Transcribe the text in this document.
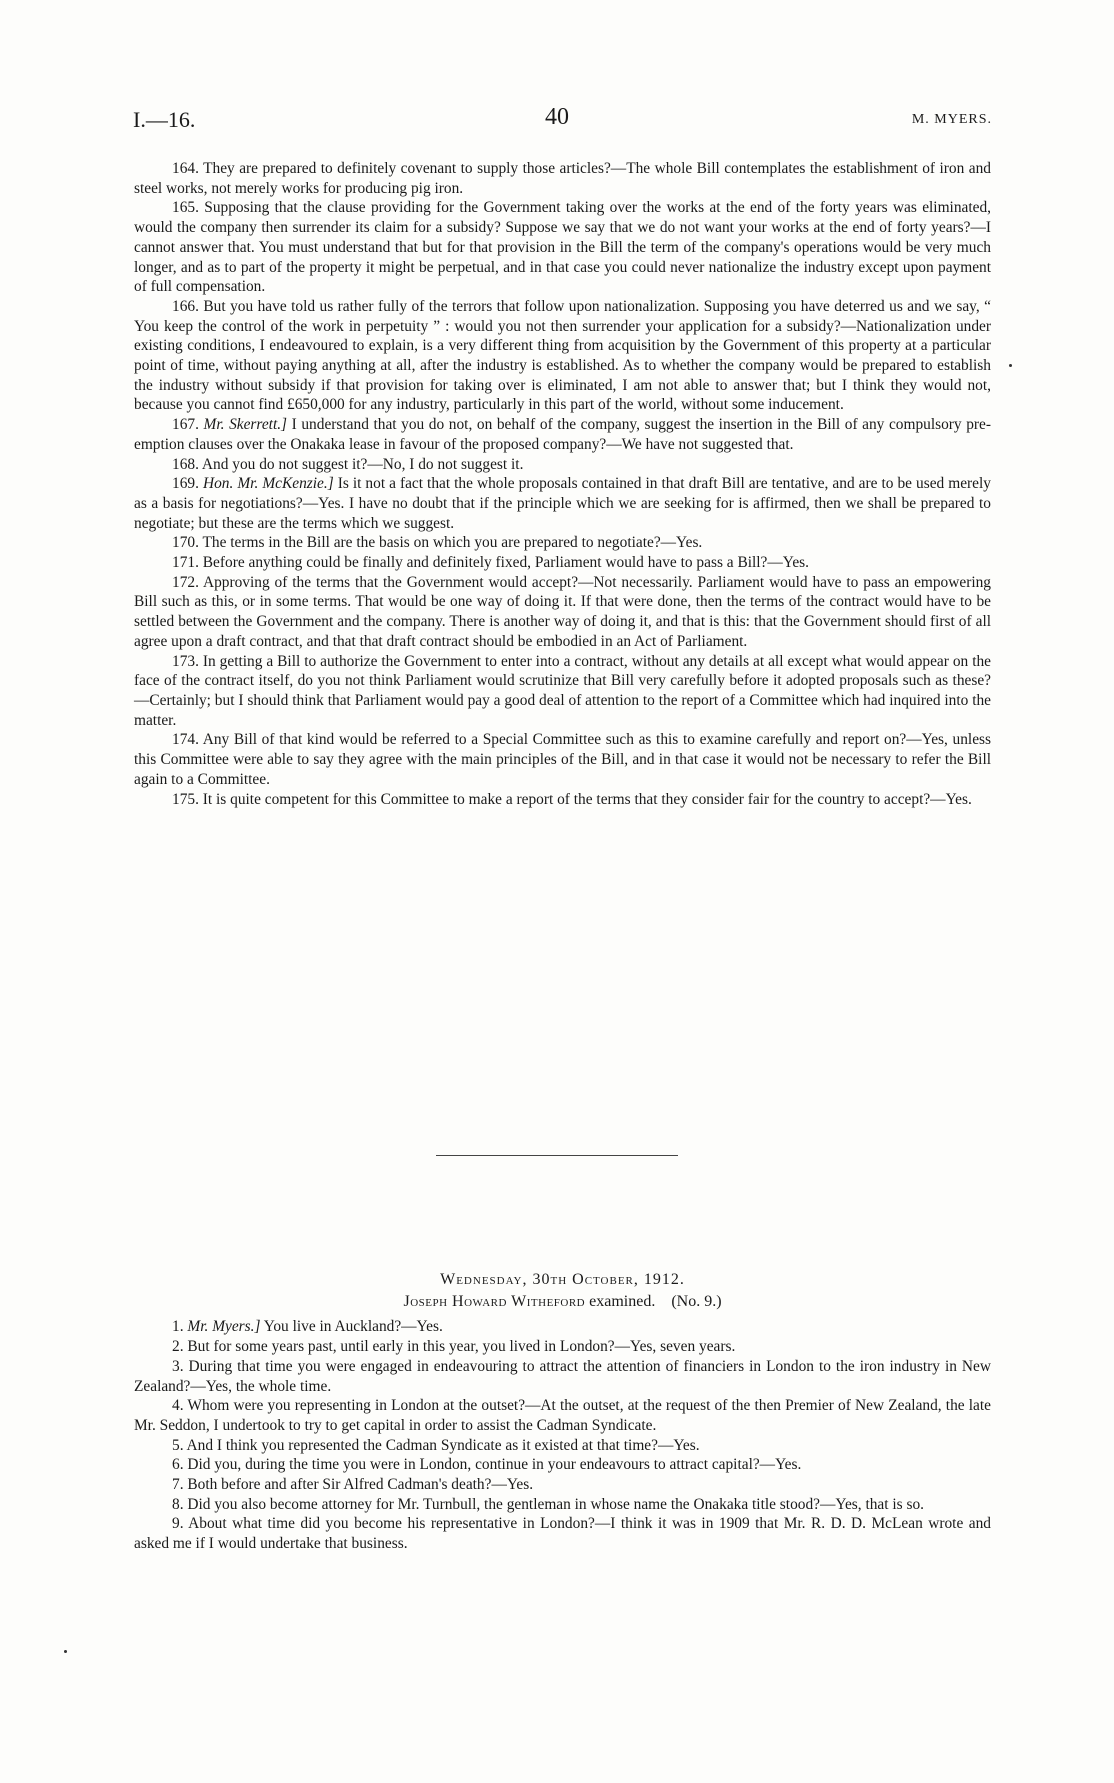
I.—16.	40	M. MYERS.

164. They are prepared to definitely covenant to supply those articles?—The whole Bill contemplates the establishment of iron and steel works, not merely works for producing pig iron.

165. Supposing that the clause providing for the Government taking over the works at the end of the forty years was eliminated, would the company then surrender its claim for a subsidy? Suppose we say that we do not want your works at the end of forty years?—I cannot answer that. You must understand that but for that provision in the Bill the term of the company's operations would be very much longer, and as to part of the property it might be perpetual, and in that case you could never nationalize the industry except upon payment of full compensation.

166. But you have told us rather fully of the terrors that follow upon nationalization. Supposing you have deterred us and we say, “ You keep the control of the work in perpetuity ” : would you not then surrender your application for a subsidy?—Nationalization under existing conditions, I endeavoured to explain, is a very different thing from acquisition by the Government of this property at a particular point of time, without paying anything at all, after the industry is established. As to whether the company would be prepared to establish the industry without subsidy if that provision for taking over is eliminated, I am not able to answer that; but I think they would not, because you cannot find £650,000 for any industry, particularly in this part of the world, without some inducement.

167. Mr. Skerrett.] I understand that you do not, on behalf of the company, suggest the insertion in the Bill of any compulsory pre-emption clauses over the Onakaka lease in favour of the proposed company?—We have not suggested that.

168. And you do not suggest it?—No, I do not suggest it.

169. Hon. Mr. McKenzie.] Is it not a fact that the whole proposals contained in that draft Bill are tentative, and are to be used merely as a basis for negotiations?—Yes. I have no doubt that if the principle which we are seeking for is affirmed, then we shall be prepared to negotiate; but these are the terms which we suggest.

170. The terms in the Bill are the basis on which you are prepared to negotiate?—Yes.

171. Before anything could be finally and definitely fixed, Parliament would have to pass a Bill?—Yes.

172. Approving of the terms that the Government would accept?—Not necessarily. Parliament would have to pass an empowering Bill such as this, or in some terms. That would be one way of doing it. If that were done, then the terms of the contract would have to be settled between the Government and the company. There is another way of doing it, and that is this: that the Government should first of all agree upon a draft contract, and that that draft contract should be embodied in an Act of Parliament.

173. In getting a Bill to authorize the Government to enter into a contract, without any details at all except what would appear on the face of the contract itself, do you not think Parliament would scrutinize that Bill very carefully before it adopted proposals such as these?—Certainly; but I should think that Parliament would pay a good deal of attention to the report of a Committee which had inquired into the matter.

174. Any Bill of that kind would be referred to a Special Committee such as this to examine carefully and report on?—Yes, unless this Committee were able to say they agree with the main principles of the Bill, and in that case it would not be necessary to refer the Bill again to a Committee.

175. It is quite competent for this Committee to make a report of the terms that they consider fair for the country to accept?—Yes.

Wednesday, 30th October, 1912.

Joseph Howard Witheford examined.    (No. 9.)

1. Mr. Myers.] You live in Auckland?—Yes.

2. But for some years past, until early in this year, you lived in London?—Yes, seven years.

3. During that time you were engaged in endeavouring to attract the attention of financiers in London to the iron industry in New Zealand?—Yes, the whole time.

4. Whom were you representing in London at the outset?—At the outset, at the request of the then Premier of New Zealand, the late Mr. Seddon, I undertook to try to get capital in order to assist the Cadman Syndicate.

5. And I think you represented the Cadman Syndicate as it existed at that time?—Yes.

6. Did you, during the time you were in London, continue in your endeavours to attract capital?—Yes.

7. Both before and after Sir Alfred Cadman's death?—Yes.

8. Did you also become attorney for Mr. Turnbull, the gentleman in whose name the Onakaka title stood?—Yes, that is so.

9. About what time did you become his representative in London?—I think it was in 1909 that Mr. R. D. D. McLean wrote and asked me if I would undertake that business.
